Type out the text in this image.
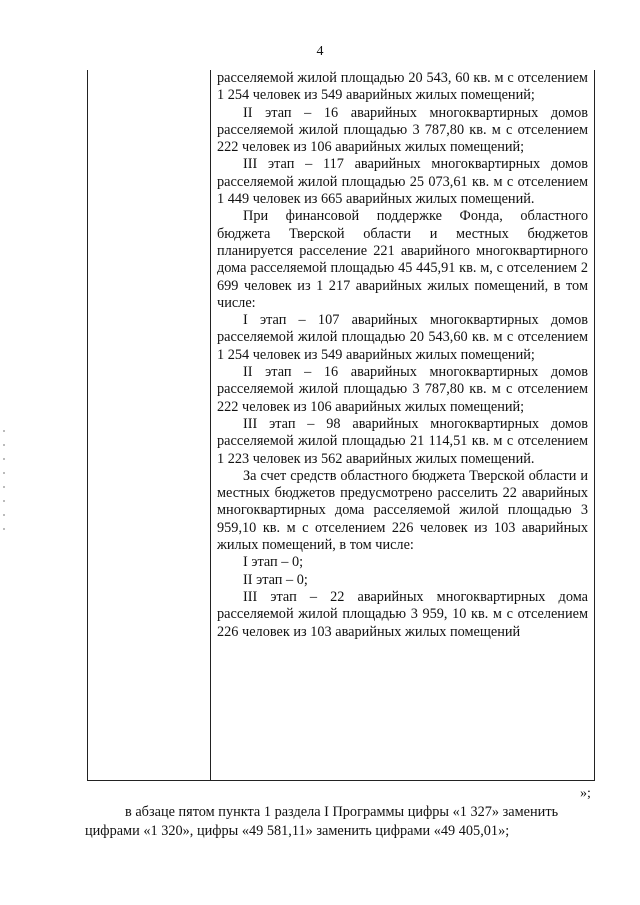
4

расселяемой жилой площадью 20 543, 60 кв. м с отселением 1 254 человек из 549 аварийных жилых помещений;

II этап – 16 аварийных многоквартирных домов расселяемой жилой площадью 3 787,80 кв. м с отселением 222 человек из 106 аварийных жилых помещений;

III этап – 117 аварийных многоквартирных домов расселяемой жилой площадью 25 073,61 кв. м с отселением 1 449 человек из 665 аварийных жилых помещений.

При финансовой поддержке Фонда, областного бюджета Тверской области и местных бюджетов планируется расселение 221 аварийного многоквартирного дома расселяемой площадью 45 445,91 кв. м, с отселением 2 699 человек из 1 217 аварийных жилых помещений, в том числе:

I этап – 107 аварийных многоквартирных домов расселяемой жилой площадью 20 543,60 кв. м с отселением 1 254 человек из 549 аварийных жилых помещений;

II этап – 16 аварийных многоквартирных домов расселяемой жилой площадью 3 787,80 кв. м с отселением 222 человек из 106 аварийных жилых помещений;

III этап – 98 аварийных многоквартирных домов расселяемой жилой площадью 21 114,51 кв. м с отселением 1 223 человек из 562 аварийных жилых помещений.

За счет средств областного бюджета Тверской области и местных бюджетов предусмотрено расселить 22 аварийных многоквартирных дома расселяемой жилой площадью 3 959,10 кв. м с отселением 226 человек из 103 аварийных жилых помещений, в том числе:

I этап – 0;

II этап – 0;

III этап – 22 аварийных многоквартирных дома расселяемой жилой площадью 3 959, 10 кв. м с отселением 226 человек из 103 аварийных жилых помещений

»;

в абзаце пятом пункта 1 раздела I Программы цифры «1 327» заменить

цифрами «1 320», цифры «49 581,11» заменить цифрами «49 405,01»;
